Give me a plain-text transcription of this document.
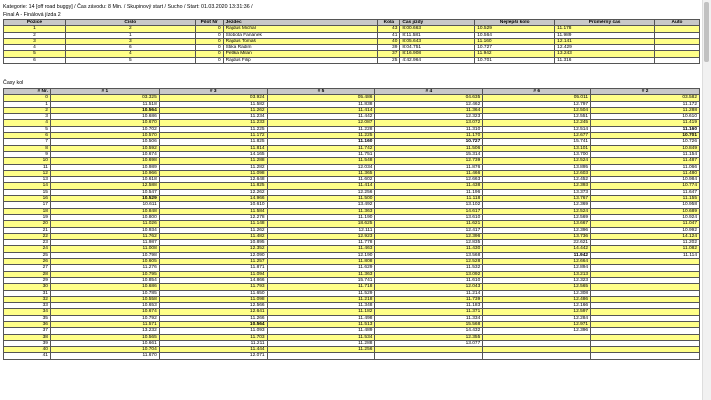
Kategorie: 14 [off road buggy] / Čas závodu: 8 Min. / Skupinový start / Sucho / Start: 01.03.2020 13:31:36 /
Final A - Finálová jízda 2
Pozice	Číslo	Pilot Nr	Jezdec	Kola	Čas jízdy	Nejlepší kolo	Průměrný čas	Auto
1	2	0	Rajdus Michal	43	8:00.663	10.529	11.178	
2	1	0	Slobota Fanánek	41	8:11.581	10.564	11.989	
3	3	0	Rajdus Tomáš	40	8:05.643	11.160	12.141	
4	6	0	Štika Radim	39	8:04.751	10.727	12.429	
5	4	0	Petlka Milan	37	8:16.908	11.942	13.243	
6	5	0	Rajdus Filip	25	4:42.964	10.701	11.316	
Časy kol
# Nr.	# 1	# 3	# 5	# 4	# 6	# 2
0	03.325	03.924	05.486	04.635	05.011	03.582
1	11.518	11.582	11.838	12.462	12.797	11.172
2	10.564	11.262	11.414	11.364	12.504	11.288
3	10.686	11.234	11.442	12.323	12.551	10.610
4	10.670	11.233	12.087	13.072	12.245	11.419
5	10.702	11.225	11.228	11.310	12.514	11.160
6	10.570	11.172	11.225	11.170	12.677	10.701
7	10.506	11.825	11.160	10.727	15.741	10.726
8	10.592	11.814	11.742	11.506	13.101	10.849
9	10.674	14.165	11.751	15.314	13.700	11.154
10	10.698	11.288	11.548	12.739	12.524	11.487
11	10.989	11.282	12.034	11.876	13.895	11.066
12	10.966	11.098	11.365	11.466	12.603	11.480
13	10.618	12.648	11.602	12.663	12.452	10.984
14	12.588	11.825	11.414	11.438	12.393	10.774
15	10.547	12.262	12.256	11.196	13.373	11.647
16	10.529	14.966	11.500	11.118	13.767	11.155
17	10.611	10.610	13.492	13.102	12.369	10.958
18	10.848	11.584	11.363	14.617	12.524	10.689
19	10.800	12.278	11.190	13.610	12.569	10.924
20	11.026	11.148	18.625	11.621	13.667	11.047
21	10.934	11.262	12.111	12.417	12.396	10.992
22	11.762	11.482	12.923	12.396	13.736	14.124
23	11.987	10.895	11.778	12.835	22.621	11.202
24	11.008	12.352	11.463	11.430	14.442	11.082
25	10.798	12.090	12.190	13.568	11.942	11.114
26	10.605	11.257	11.808	12.528	12.664	
27	11.276	11.871	11.629	11.532	12.894	
28	10.795	11.094	11.363	13.092	13.213	
29	10.854	14.866	15.741	11.610	12.323	
30	10.686	11.793	11.718	12.043	12.565	
31	10.785	11.650	11.529	11.214	12.308	
32	10.558	11.098	11.218	11.739	12.486	
33	10.653	12.566	11.348	11.183	12.166	
34	10.674	12.641	11.182	11.371	12.597	
35	10.792	11.266	11.498	11.334	12.284	
36	11.571	10.564	11.513	15.568	12.971	
37	13.232	11.093	11.489	14.432	12.396	
38	10.565	11.703	11.534	12.355		
39	10.661	11.211	11.288	13.077		
40	10.704	11.444	11.256			
41	11.670	12.071				
